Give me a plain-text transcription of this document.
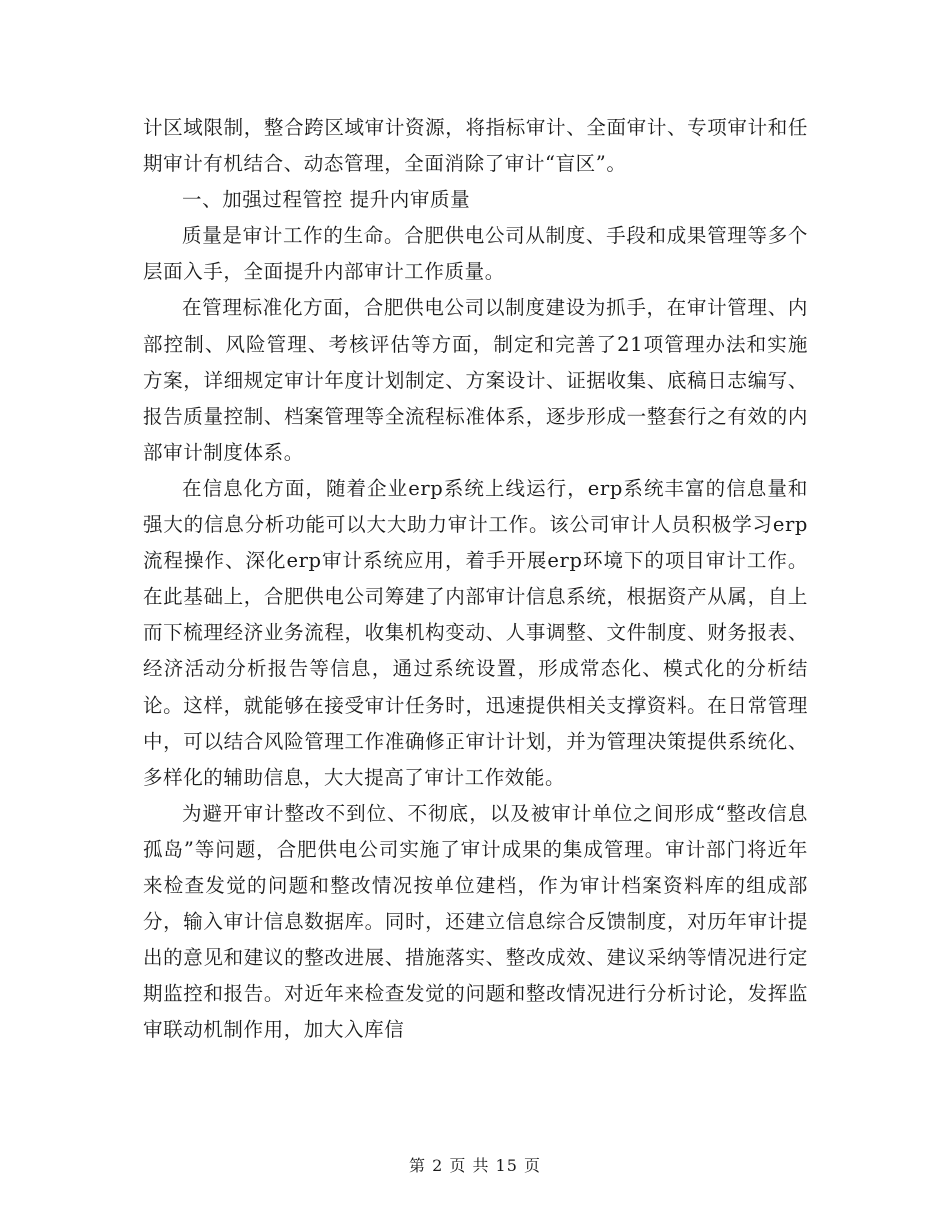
计区域限制，整合跨区域审计资源，将指标审计、全面审计、专项审计和任期审计有机结合、动态管理，全面消除了审计“盲区”。

一、加强过程管控 提升内审质量

质量是审计工作的生命。合肥供电公司从制度、手段和成果管理等多个层面入手，全面提升内部审计工作质量。

在管理标准化方面，合肥供电公司以制度建设为抓手，在审计管理、内部控制、风险管理、考核评估等方面，制定和完善了21项管理办法和实施方案，详细规定审计年度计划制定、方案设计、证据收集、底稿日志编写、报告质量控制、档案管理等全流程标准体系，逐步形成一整套行之有效的内部审计制度体系。

在信息化方面，随着企业erp系统上线运行，erp系统丰富的信息量和强大的信息分析功能可以大大助力审计工作。该公司审计人员积极学习erp流程操作、深化erp审计系统应用，着手开展erp环境下的项目审计工作。在此基础上，合肥供电公司筹建了内部审计信息系统，根据资产从属，自上而下梳理经济业务流程，收集机构变动、人事调整、文件制度、财务报表、经济活动分析报告等信息，通过系统设置，形成常态化、模式化的分析结论。这样，就能够在接受审计任务时，迅速提供相关支撑资料。在日常管理中，可以结合风险管理工作准确修正审计计划，并为管理决策提供系统化、多样化的辅助信息，大大提高了审计工作效能。

为避开审计整改不到位、不彻底，以及被审计单位之间形成“整改信息孤岛”等问题，合肥供电公司实施了审计成果的集成管理。审计部门将近年来检查发觉的问题和整改情况按单位建档，作为审计档案资料库的组成部分，输入审计信息数据库。同时，还建立信息综合反馈制度，对历年审计提出的意见和建议的整改进展、措施落实、整改成效、建议采纳等情况进行定期监控和报告。对近年来检查发觉的问题和整改情况进行分析讨论，发挥监审联动机制作用，加大入库信

第 2 页 共 15 页
